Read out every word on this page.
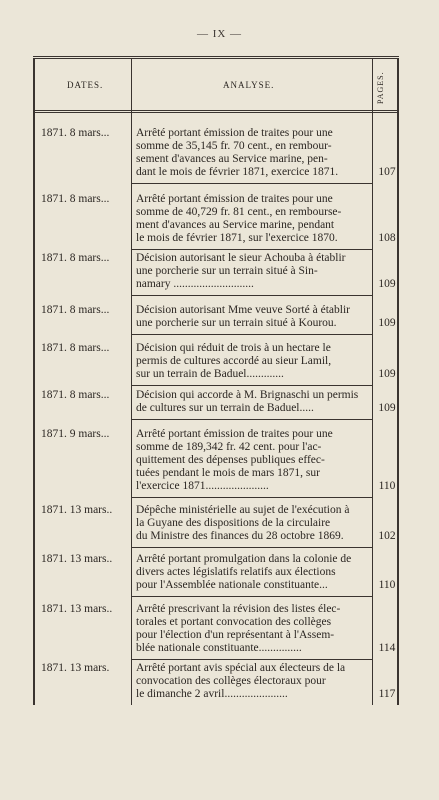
— IX —
DATES.	ANALYSE.	PAGES.
1871. 8 mars...	Arrêté portant émission de traites pour une
somme de 35,145 fr. 70 cent., en rembour-
sement d'avances au Service marine, pen-
dant le mois de février 1871, exercice 1871.	107
1871. 8 mars...	Arrêté portant émission de traites pour une
somme de 40,729 fr. 81 cent., en rembourse-
ment d'avances au Service marine, pendant
le mois de février 1871, sur l'exercice 1870.	108
1871. 8 mars...	Décision autorisant le sieur Achouba à établir
une porcherie sur un terrain situé à Sin-
namary ............................	109
1871. 8 mars...	Décision autorisant Mme veuve Sorté à établir
une porcherie sur un terrain situé à Kourou.	109
1871. 8 mars...	Décision qui réduit de trois à un hectare le
permis de cultures accordé au sieur Lamil,
sur un terrain de Baduel.............	109
1871. 8 mars...	Décision qui accorde à M. Brignaschi un permis
de cultures sur un terrain de Baduel.....	109
1871. 9 mars...	Arrêté portant émission de traites pour une
somme de 189,342 fr. 42 cent. pour l'ac-
quittement des dépenses publiques effec-
tuées pendant le mois de mars 1871, sur
l'exercice 1871......................	110
1871. 13 mars..	Dépêche ministérielle au sujet de l'exécution à
la Guyane des dispositions de la circulaire
du Ministre des finances du 28 octobre 1869.	102
1871. 13 mars..	Arrêté portant promulgation dans la colonie de
divers actes législatifs relatifs aux élections
pour l'Assemblée nationale constituante...	110
1871. 13 mars..	Arrêté prescrivant la révision des listes élec-
torales et portant convocation des collèges
pour l'élection d'un représentant à l'Assem-
blée nationale constituante...............	114
1871. 13 mars.	Arrêté portant avis spécial aux électeurs de la
convocation des collèges électoraux pour
le dimanche 2 avril......................	117
